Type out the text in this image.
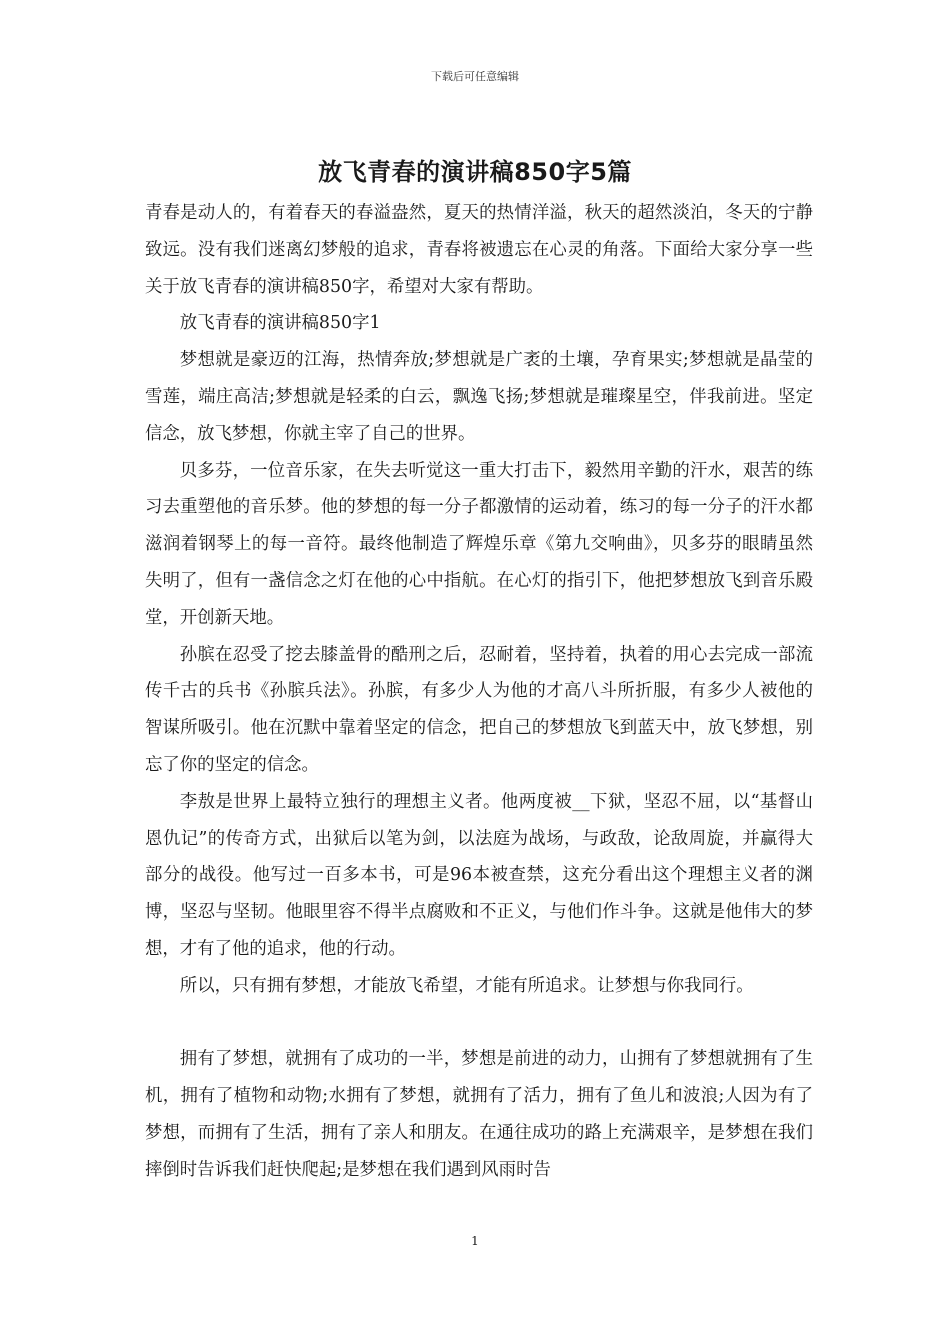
下载后可任意编辑
放飞青春的演讲稿850字5篇

青春是动人的，有着春天的春溢盎然，夏天的热情洋溢，秋天的超然淡泊，冬天的宁静致远。没有我们迷离幻梦般的追求，青春将被遗忘在心灵的角落。下面给大家分享一些关于放飞青春的演讲稿850字，希望对大家有帮助。

放飞青春的演讲稿850字1

梦想就是豪迈的江海，热情奔放;梦想就是广袤的土壤，孕育果实;梦想就是晶莹的雪莲，端庄高洁;梦想就是轻柔的白云，飘逸飞扬;梦想就是璀璨星空，伴我前进。坚定信念，放飞梦想，你就主宰了自己的世界。

贝多芬，一位音乐家，在失去听觉这一重大打击下，毅然用辛勤的汗水，艰苦的练习去重塑他的音乐梦。他的梦想的每一分子都激情的运动着，练习的每一分子的汗水都滋润着钢琴上的每一音符。最终他制造了辉煌乐章《第九交响曲》，贝多芬的眼睛虽然失明了，但有一盏信念之灯在他的心中指航。在心灯的指引下，他把梦想放飞到音乐殿堂，开创新天地。

孙膑在忍受了挖去膝盖骨的酷刑之后，忍耐着，坚持着，执着的用心去完成一部流传千古的兵书《孙膑兵法》。孙膑，有多少人为他的才高八斗所折服，有多少人被他的智谋所吸引。他在沉默中靠着坚定的信念，把自己的梦想放飞到蓝天中，放飞梦想，别忘了你的坚定的信念。

李敖是世界上最特立独行的理想主义者。他两度被__下狱，坚忍不屈，以“基督山恩仇记”的传奇方式，出狱后以笔为剑，以法庭为战场，与政敌，论敌周旋，并赢得大部分的战役。他写过一百多本书，可是96本被查禁，这充分看出这个理想主义者的渊博，坚忍与坚韧。他眼里容不得半点腐败和不正义，与他们作斗争。这就是他伟大的梦想，才有了他的追求，他的行动。

所以，只有拥有梦想，才能放飞希望，才能有所追求。让梦想与你我同行。

拥有了梦想，就拥有了成功的一半，梦想是前进的动力，山拥有了梦想就拥有了生机，拥有了植物和动物;水拥有了梦想，就拥有了活力，拥有了鱼儿和波浪;人因为有了梦想，而拥有了生活，拥有了亲人和朋友。在通往成功的路上充满艰辛，是梦想在我们摔倒时告诉我们赶快爬起;是梦想在我们遇到风雨时告

1
